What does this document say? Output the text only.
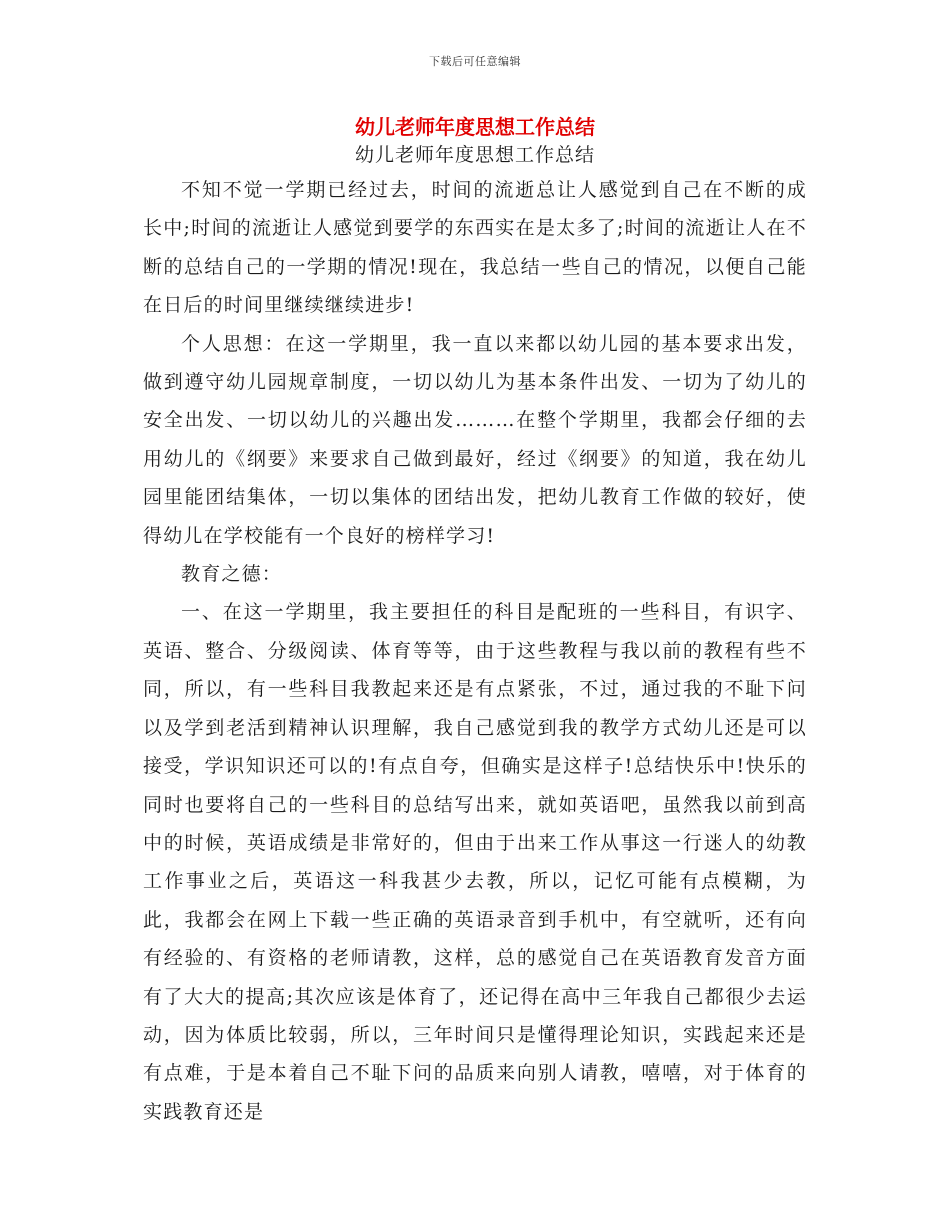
下载后可任意编辑
幼儿老师年度思想工作总结
幼儿老师年度思想工作总结

不知不觉一学期已经过去，时间的流逝总让人感觉到自己在不断的成长中;时间的流逝让人感觉到要学的东西实在是太多了;时间的流逝让人在不断的总结自己的一学期的情况!现在，我总结一些自己的情况，以便自己能在日后的时间里继续继续进步!

个人思想：在这一学期里，我一直以来都以幼儿园的基本要求出发，做到遵守幼儿园规章制度，一切以幼儿为基本条件出发、一切为了幼儿的安全出发、一切以幼儿的兴趣出发………在整个学期里，我都会仔细的去用幼儿的《纲要》来要求自己做到最好，经过《纲要》的知道，我在幼儿园里能团结集体，一切以集体的团结出发，把幼儿教育工作做的较好，使得幼儿在学校能有一个良好的榜样学习!

教育之德：

一、在这一学期里，我主要担任的科目是配班的一些科目，有识字、英语、整合、分级阅读、体育等等，由于这些教程与我以前的教程有些不同，所以，有一些科目我教起来还是有点紧张，不过，通过我的不耻下问以及学到老活到精神认识理解，我自己感觉到我的教学方式幼儿还是可以接受，学识知识还可以的!有点自夸，但确实是这样子!总结快乐中!快乐的同时也要将自己的一些科目的总结写出来，就如英语吧，虽然我以前到高中的时候，英语成绩是非常好的，但由于出来工作从事这一行迷人的幼教工作事业之后，英语这一科我甚少去教，所以，记忆可能有点模糊，为此，我都会在网上下载一些正确的英语录音到手机中，有空就听，还有向有经验的、有资格的老师请教，这样，总的感觉自己在英语教育发音方面有了大大的提高;其次应该是体育了，还记得在高中三年我自己都很少去运动，因为体质比较弱，所以，三年时间只是懂得理论知识，实践起来还是有点难，于是本着自己不耻下问的品质来向别人请教，嘻嘻，对于体育的实践教育还是
